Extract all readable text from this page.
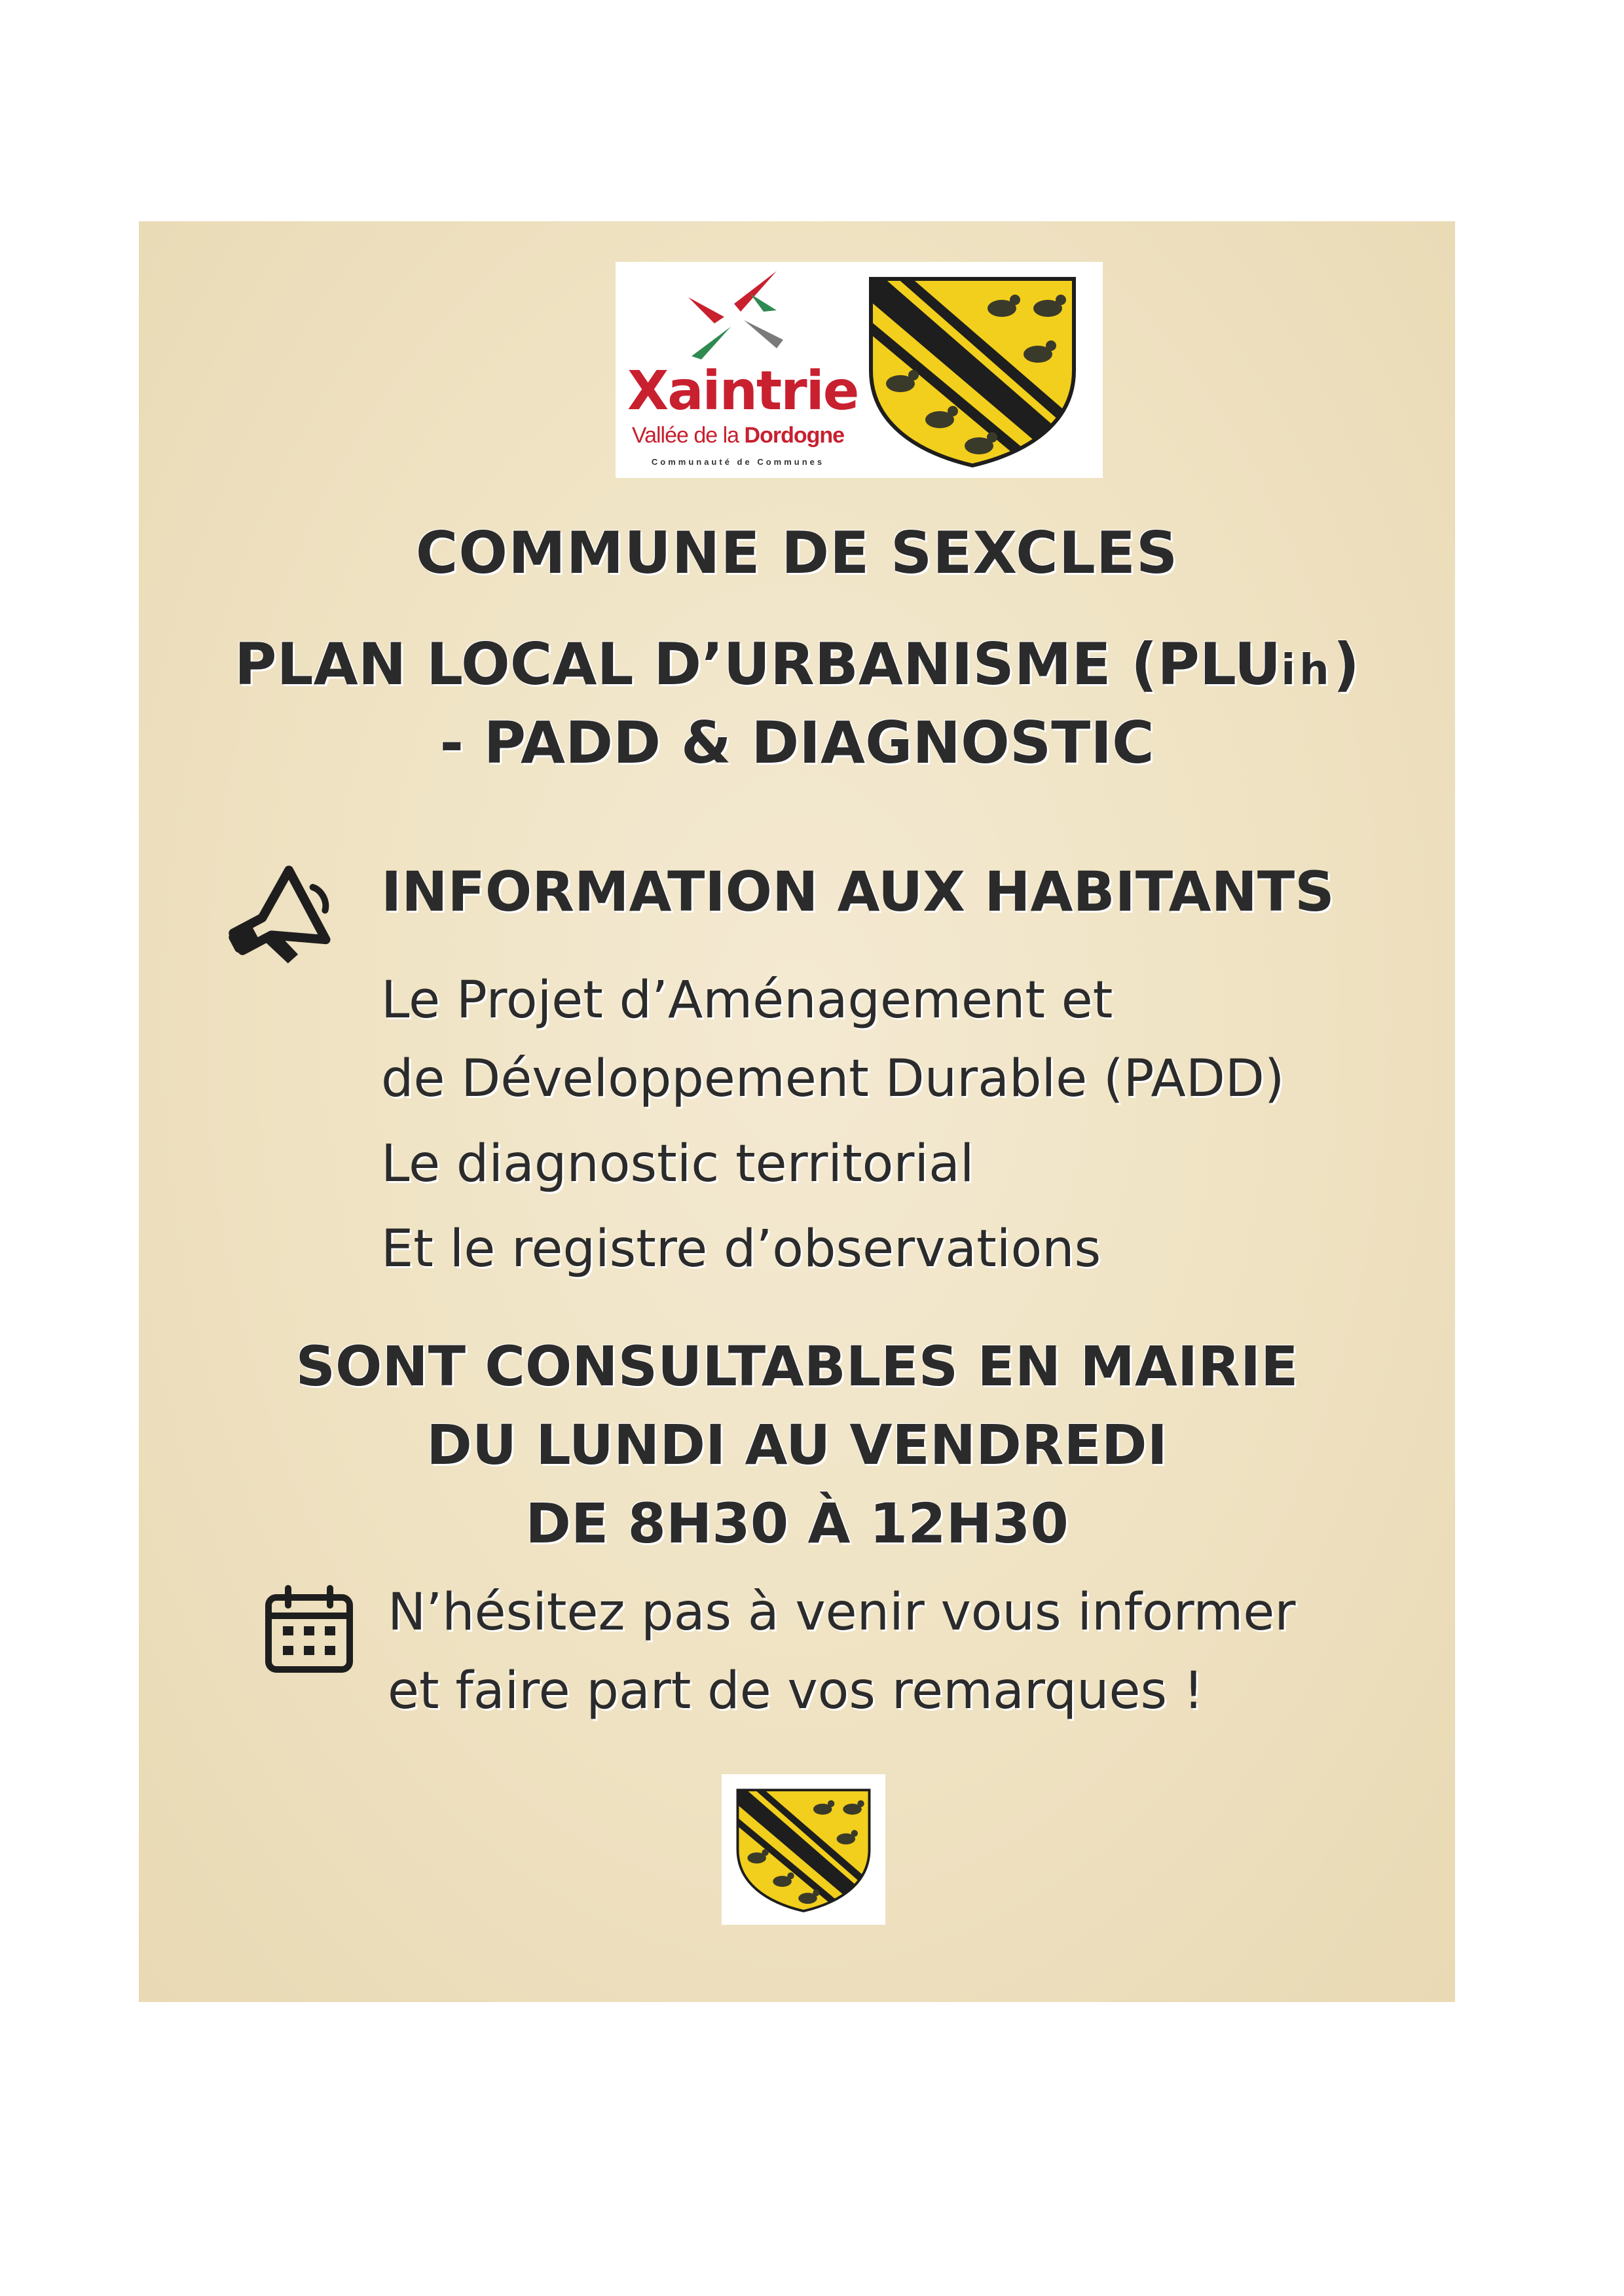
Xaintrie
Vallée de la Dordogne
Communauté de Communes
COMMUNE DE SEXCLES
PLAN LOCAL D’URBANISME (PLUih)
- PADD & DIAGNOSTIC
INFORMATION AUX HABITANTS
Le Projet d’Aménagement et
de Développement Durable (PADD)
Le diagnostic territorial
Et le registre d’observations
SONT CONSULTABLES EN MAIRIE
DU LUNDI AU VENDREDI
DE 8H30 À 12H30
N’hésitez pas à venir vous informer
et faire part de vos remarques !
